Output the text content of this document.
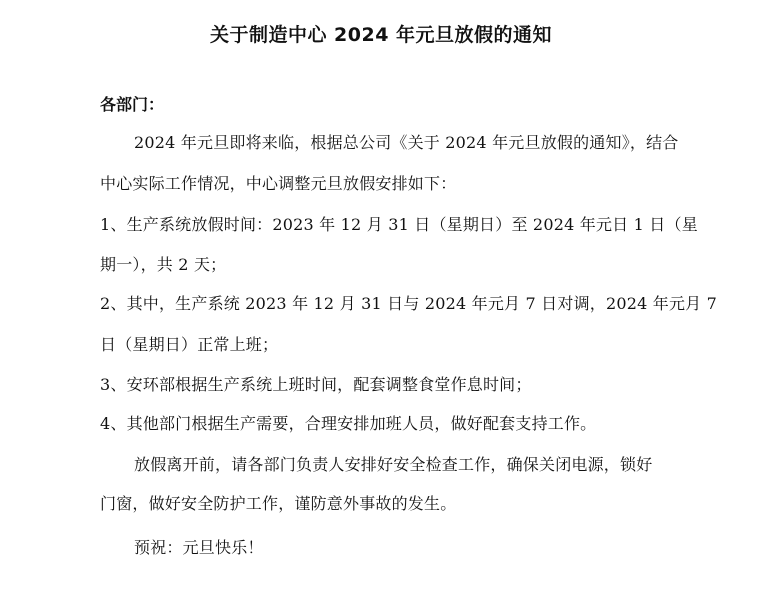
关于制造中心 2024 年元旦放假的通知
各部门：
2024 年元旦即将来临，根据总公司《关于 2024 年元旦放假的通知》，结合
中心实际工作情况，中心调整元旦放假安排如下：
1、生产系统放假时间：2023 年 12 月 31 日（星期日）至 2024 年元日 1 日（星
期一），共 2 天；
2、其中，生产系统 2023 年 12 月 31 日与 2024 年元月 7 日对调，2024 年元月 7
日（星期日）正常上班；
3、安环部根据生产系统上班时间，配套调整食堂作息时间；
4、其他部门根据生产需要，合理安排加班人员，做好配套支持工作。
放假离开前，请各部门负责人安排好安全检查工作，确保关闭电源，锁好
门窗，做好安全防护工作，谨防意外事故的发生。
预祝：元旦快乐！
